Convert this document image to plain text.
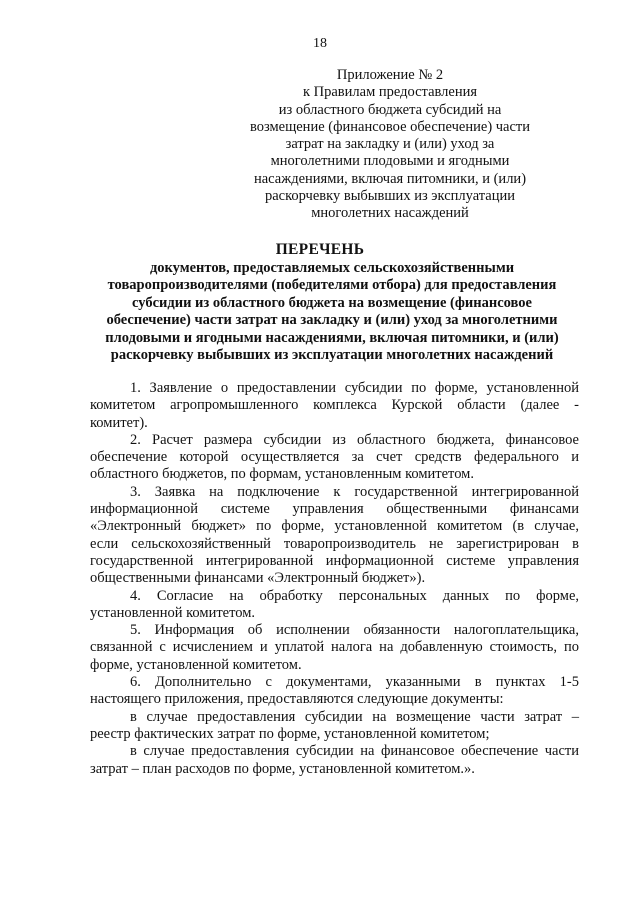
18
Приложение № 2
к Правилам предоставления
из областного бюджета субсидий на
возмещение (финансовое обеспечение) части
затрат на закладку и (или) уход за
многолетними плодовыми и ягодными
насаждениями, включая питомники, и (или)
раскорчевку выбывших из эксплуатации
многолетних насаждений
ПЕРЕЧЕНЬ
документов, предоставляемых сельскохозяйственными
товаропроизводителями (победителями отбора) для предоставления
субсидии из областного бюджета на возмещение (финансовое
обеспечение) части затрат на закладку и (или) уход за многолетними
плодовыми и ягодными насаждениями, включая питомники, и (или)
раскорчевку выбывших из эксплуатации многолетних насаждений
1. Заявление о предоставлении субсидии по форме, установленной
комитетом агропромышленного комплекса Курской области (далее -
комитет).
2. Расчет размера субсидии из областного бюджета, финансовое
обеспечение которой осуществляется за счет средств федерального и
областного бюджетов, по формам, установленным комитетом.
3. Заявка на подключение к государственной интегрированной
информационной системе управления общественными финансами
«Электронный бюджет» по форме, установленной комитетом (в случае,
если сельскохозяйственный товаропроизводитель не зарегистрирован в
государственной интегрированной информационной системе управления
общественными финансами «Электронный бюджет»).
4. Согласие на обработку персональных данных по форме,
установленной комитетом.
5. Информация об исполнении обязанности налогоплательщика,
связанной с исчислением и уплатой налога на добавленную стоимость, по
форме, установленной комитетом.
6. Дополнительно с документами, указанными в пунктах 1-5
настоящего приложения, предоставляются следующие документы:
в случае предоставления субсидии на возмещение части затрат –
реестр фактических затрат по форме, установленной комитетом;
в случае предоставления субсидии на финансовое обеспечение части
затрат – план расходов по форме, установленной комитетом.».
